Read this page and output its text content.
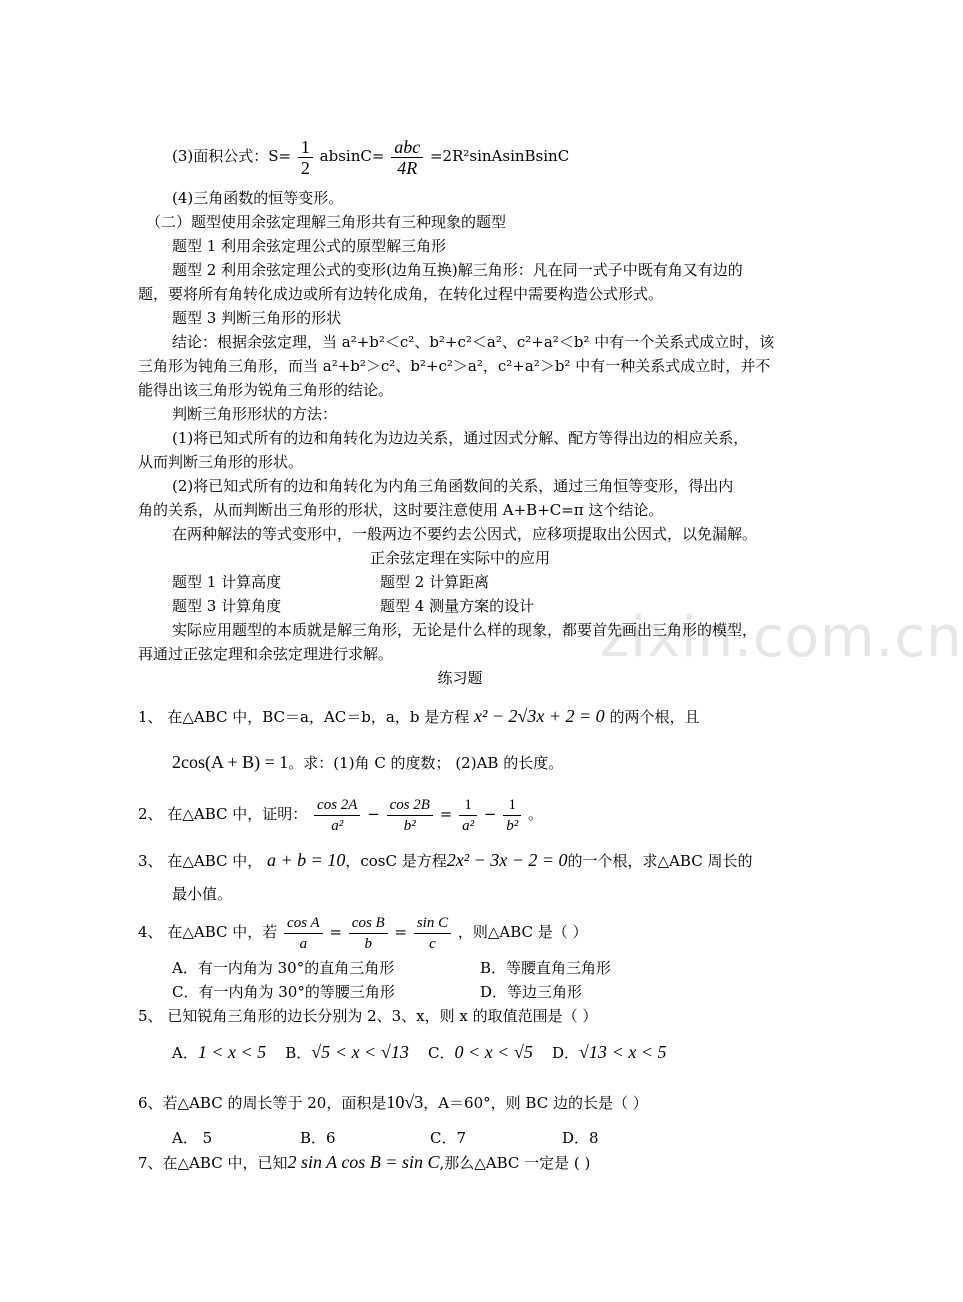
zixin.com.cn
(3)面积公式：$S= \frac{1}{2} absinC= \frac{\text{abc}}{4R}$ =2R²sinAsinBsinC
(4)三角函数的恒等变形。
（二）题型使用余弦定理解三角形共有三种现象的题型
题型 1 利用余弦定理公式的原型解三角形
题型 2 利用余弦定理公式的变形(边角互换)解三角形：凡在同一式子中既有角又有边的
题，要将所有角转化成边或所有边转化成角，在转化过程中需要构造公式形式。
题型 3 判断三角形的形状
结论：根据余弦定理，当 a²+b²＜c²、b²+c²＜a²、c²+a²＜b² 中有一个关系式成立时，该
三角形为钝角三角形，而当 a²+b²＞c²、b²+c²＞a²，c²+a²＞b² 中有一种关系式成立时，并不
能得出该三角形为锐角三角形的结论。
判断三角形形状的方法：
(1)将已知式所有的边和角转化为边边关系，通过因式分解、配方等得出边的相应关系，
从而判断三角形的形状。
(2)将已知式所有的边和角转化为内角三角函数间的关系，通过三角恒等变形，得出内
角的关系，从而判断出三角形的形状，这时要注意使用 A+B+C=π 这个结论。
在两种解法的等式变形中，一般两边不要约去公因式，应移项提取出公因式，以免漏解。
正余弦定理在实际中的应用
题型 1 计算高度	题型 2 计算距离
题型 3 计算角度	题型 4 测量方案的设计
实际应用题型的本质就是解三角形，无论是什么样的现象，都要首先画出三角形的模型，
再通过正弦定理和余弦定理进行求解。
练习题
1、 在△ABC 中，BC＝a，AC＝b，a，b 是方程 x² − 2√3x + 2 = 0 的两个根，且
2cos(A + B) = 1。求：(1)角 C 的度数； (2)AB 的长度。
2、 在△ABC 中，证明： $\frac{\cos 2A}{\text{a²}} - \frac{\cos 2B}{\text{b²}} = \frac{1}{\text{a²}} - \frac{1}{\text{b²}}$ 。
3、 在△ABC 中， a + b = 10，cosC 是方程2x² − 3x − 2 = 0的一个根，求△ABC 周长的
最小值。
4、 在△ABC 中，若 $\frac{\text{cos A}}{a} = \frac{\text{cos B}}{b} = \frac{\text{sin C}}{c}$ ，则△ABC 是（ ）
A．有一内角为 30°的直角三角形	B．等腰直角三角形
C．有一内角为 30°的等腰三角形	D．等边三角形
5、 已知锐角三角形的边长分别为 2、3、x，则 x 的取值范围是（ ）
A．1 < x < 5 B．√5 < x < √13 C．0 < x < √5 D．√13 < x < 5
6、若△ABC 的周长等于 20，面积是10√3，A＝60°，则 BC 边的长是（ ）
A． 5	B．6	C．7	D．8
7、在△ABC 中，已知2 sin A cos B = sin C,那么△ABC 一定是 ( )
